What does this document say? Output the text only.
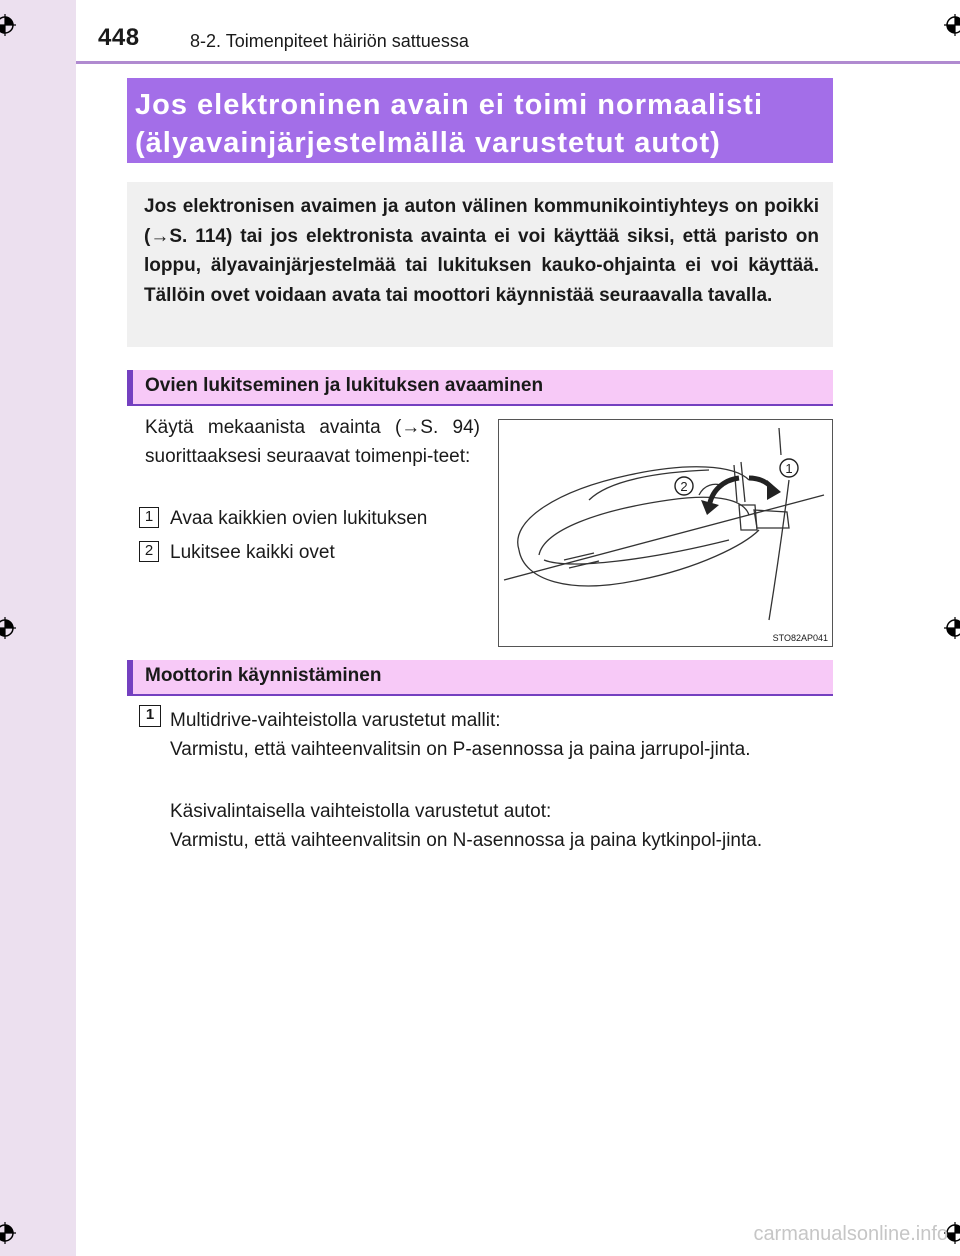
448	8-2. Toimenpiteet häiriön sattuessa
Jos elektroninen avain ei toimi normaalisti
(älyavainjärjestelmällä varustetut autot)
Jos elektronisen avaimen ja auton välinen kommunikointiyhteys on poikki (→S. 114) tai jos elektronista avainta ei voi käyttää siksi, että paristo on loppu, älyavainjärjestelmää tai lukituksen kauko-ohjainta ei voi käyttää. Tällöin ovet voidaan avata tai moottori käynnistää seuraavalla tavalla.
Ovien lukitseminen ja lukituksen avaaminen
Käytä mekaanista avainta (→S. 94) suorittaaksesi seuraavat toimenpi-teet:
1 Avaa kaikkien ovien lukituksen
2 Lukitsee kaikki ovet
2
1
STO82AP041
Moottorin käynnistäminen
1 Multidrive-vaihteistolla varustetut mallit:
Varmistu, että vaihteenvalitsin on P-asennossa ja paina jarrupol-jinta.
Käsivalintaisella vaihteistolla varustetut autot:
Varmistu, että vaihteenvalitsin on N-asennossa ja paina kytkinpol-jinta.
carmanualsonline.info
